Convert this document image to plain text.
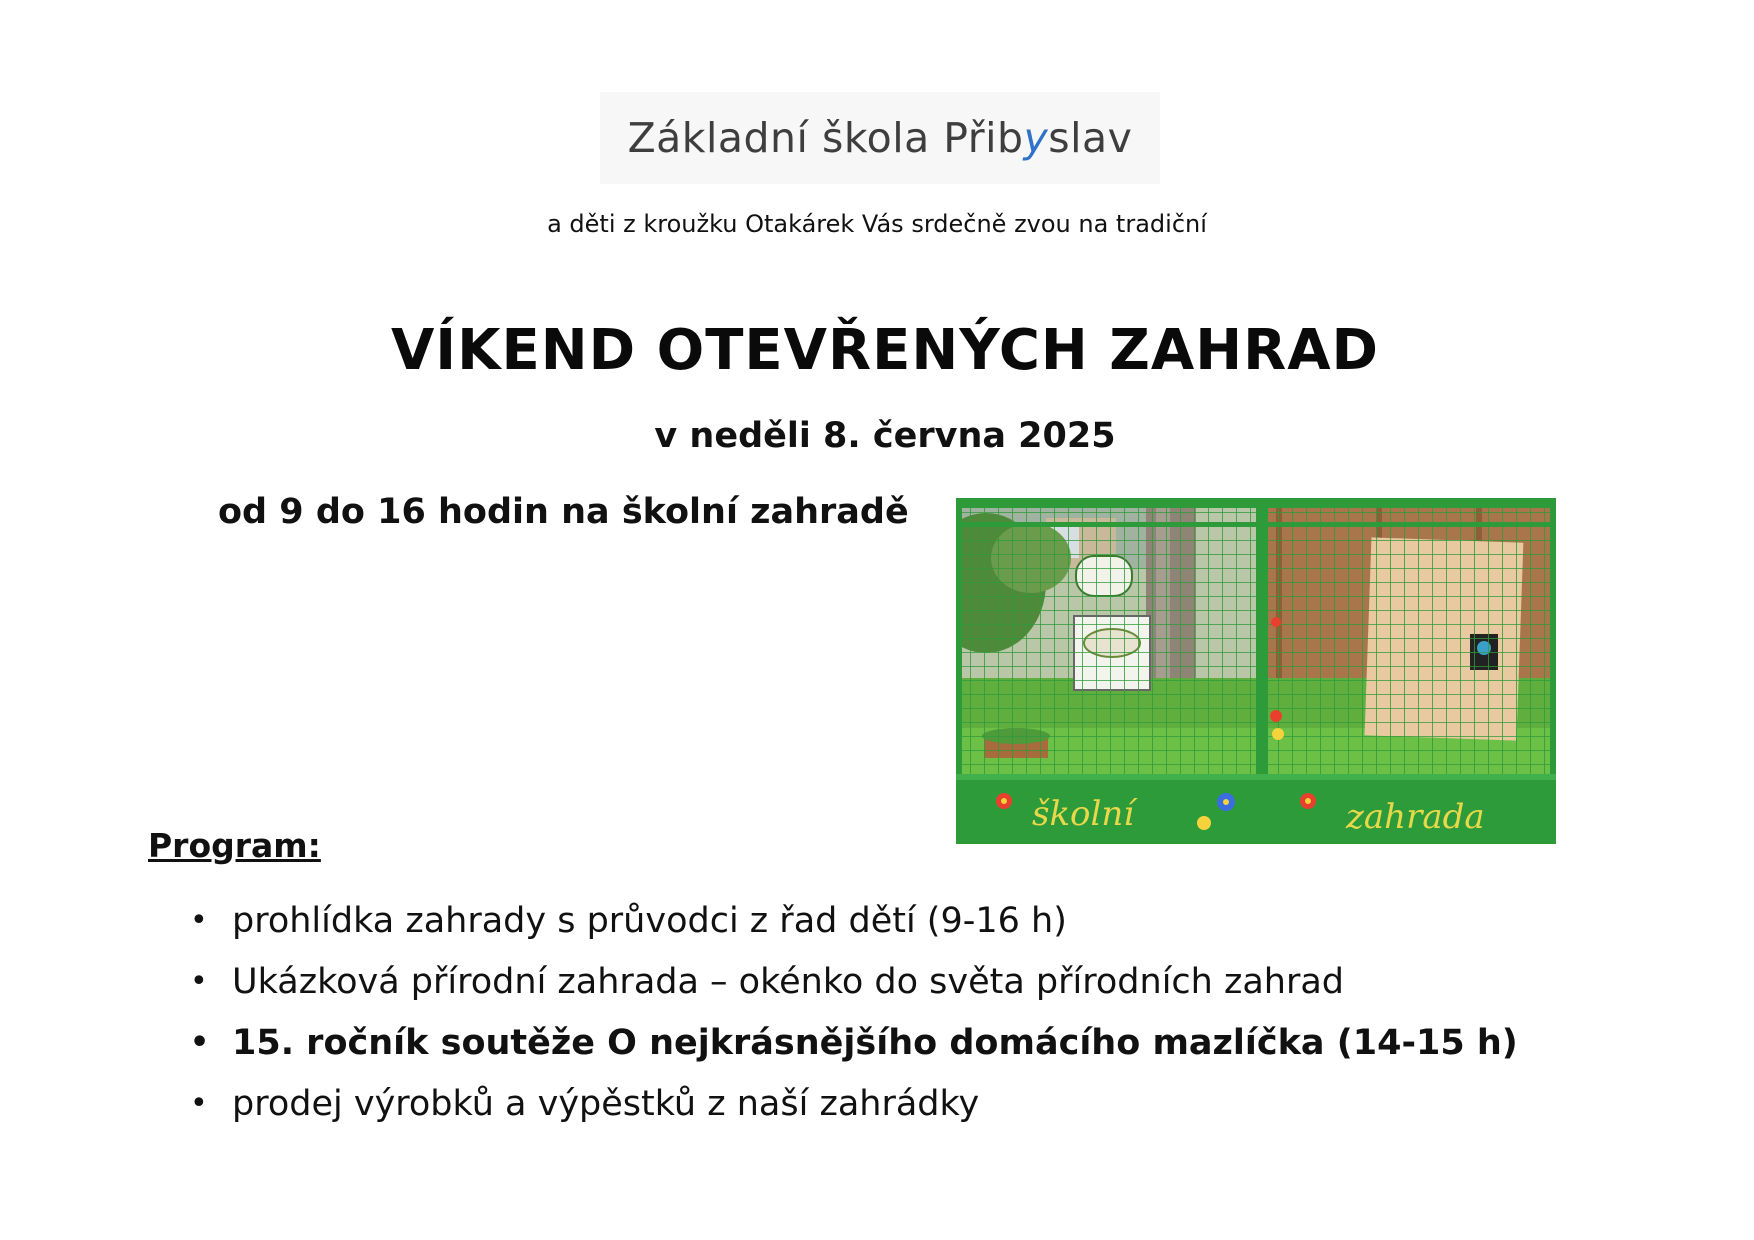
Základní škola Přib y slav
a děti z kroužku Otakárek Vás srdečně zvou na tradiční
VÍKEND OTEVŘENÝCH ZAHRAD
v neděli 8. června 2025
od 9 do 16 hodin na školní zahradě
školní	zahrada
Program:
• prohlídka zahrady s průvodci z řad dětí (9-16 h)
• Ukázková přírodní zahrada – okénko do světa přírodních zahrad
• 15. ročník soutěže O nejkrásnějšího domácího mazlíčka (14-15 h)
• prodej výrobků a výpěstků z naší zahrádky
